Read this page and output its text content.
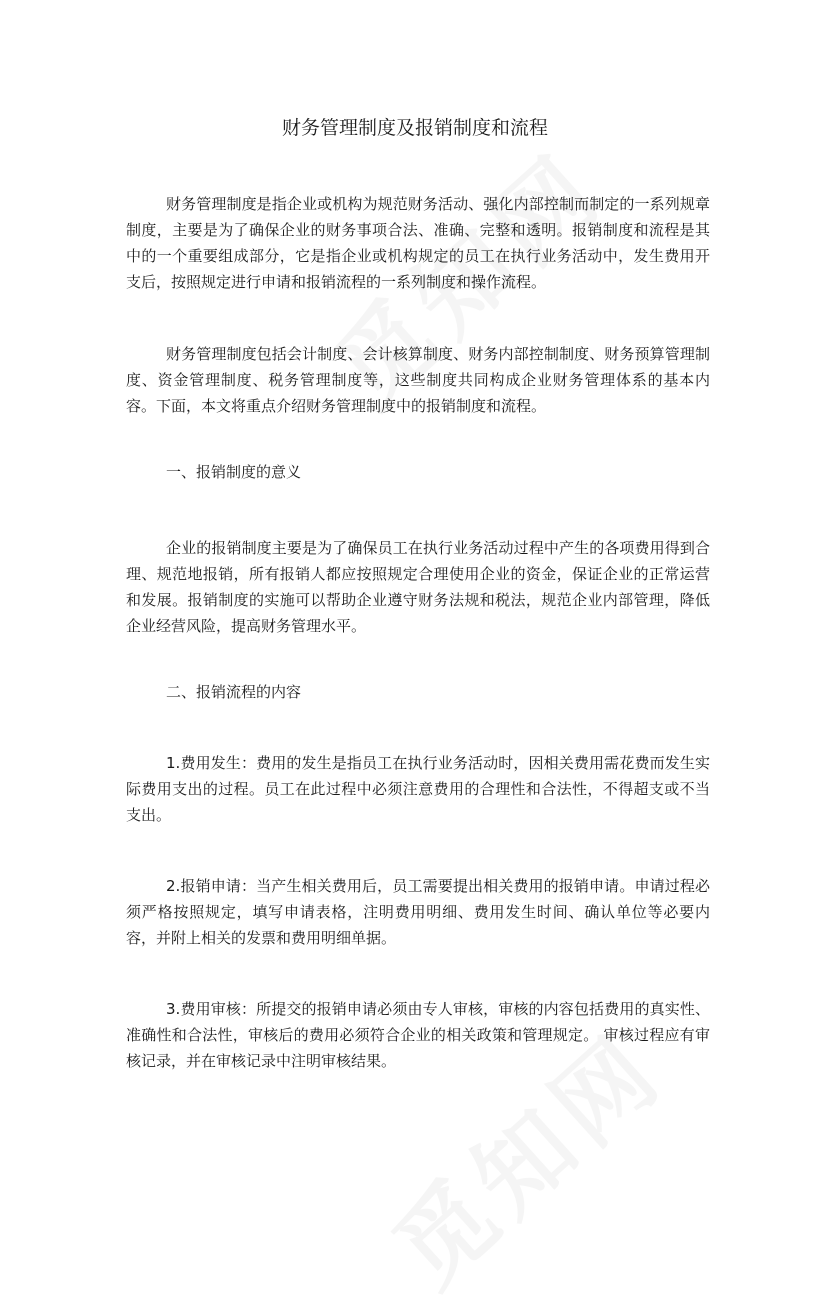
财务管理制度及报销制度和流程

财务管理制度是指企业或机构为规范财务活动、强化内部控制而制定的一系列规章制度，主要是为了确保企业的财务事项合法、准确、完整和透明。报销制度和流程是其中的一个重要组成部分，它是指企业或机构规定的员工在执行业务活动中，发生费用开支后，按照规定进行申请和报销流程的一系列制度和操作流程。

财务管理制度包括会计制度、会计核算制度、财务内部控制制度、财务预算管理制度、资金管理制度、税务管理制度等，这些制度共同构成企业财务管理体系的基本内容。下面，本文将重点介绍财务管理制度中的报销制度和流程。

一、报销制度的意义

企业的报销制度主要是为了确保员工在执行业务活动过程中产生的各项费用得到合理、规范地报销，所有报销人都应按照规定合理使用企业的资金，保证企业的正常运营和发展。报销制度的实施可以帮助企业遵守财务法规和税法，规范企业内部管理，降低企业经营风险，提高财务管理水平。

二、报销流程的内容

1.费用发生：费用的发生是指员工在执行业务活动时，因相关费用需花费而发生实际费用支出的过程。员工在此过程中必须注意费用的合理性和合法性，不得超支或不当支出。

2.报销申请：当产生相关费用后，员工需要提出相关费用的报销申请。申请过程必须严格按照规定，填写申请表格，注明费用明细、费用发生时间、确认单位等必要内容，并附上相关的发票和费用明细单据。

3.费用审核：所提交的报销申请必须由专人审核，审核的内容包括费用的真实性、准确性和合法性，审核后的费用必须符合企业的相关政策和管理规定。 审核过程应有审核记录，并在审核记录中注明审核结果。
